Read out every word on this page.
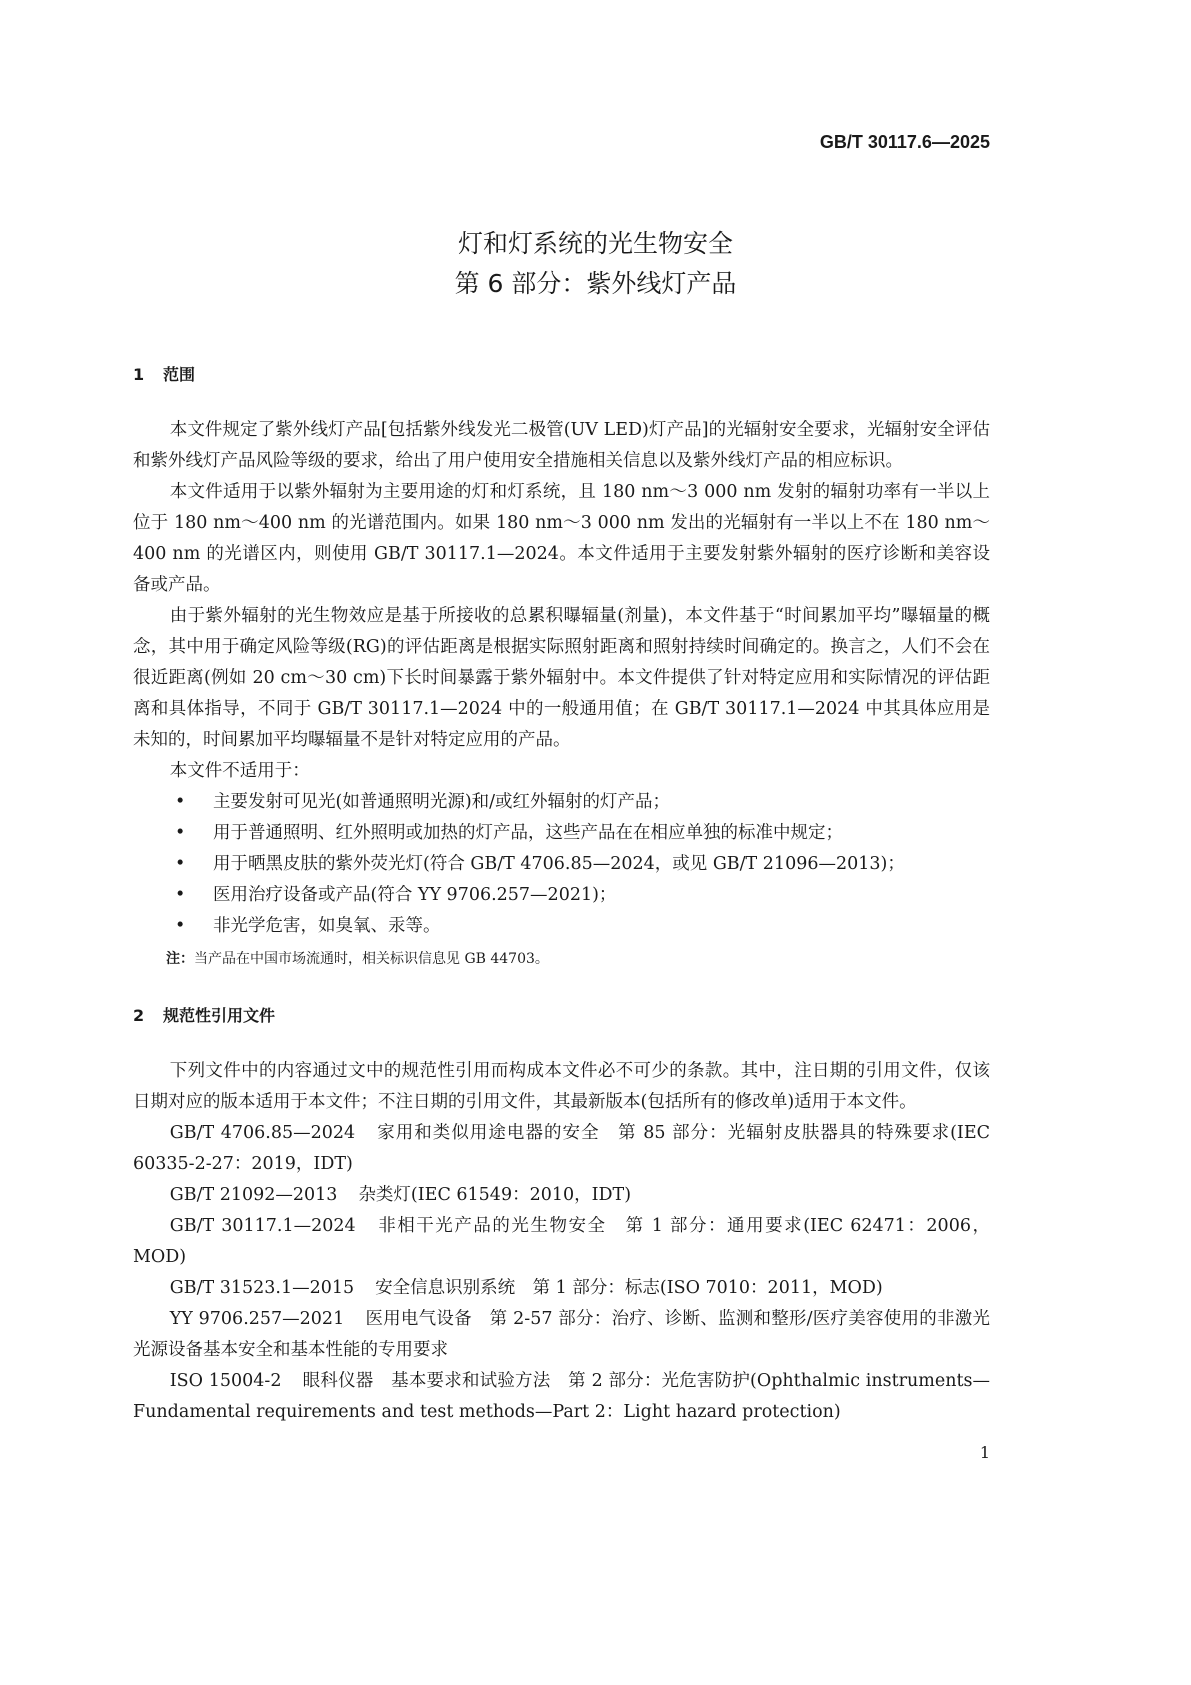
GB/T 30117.6—2025
灯和灯系统的光生物安全
第 6 部分：紫外线灯产品
1 范围

本文件规定了紫外线灯产品[包括紫外线发光二极管(UV LED)灯产品]的光辐射安全要求，光辐射安全评估和紫外线灯产品风险等级的要求，给出了用户使用安全措施相关信息以及紫外线灯产品的相应标识。

本文件适用于以紫外辐射为主要用途的灯和灯系统，且 180 nm～3 000 nm 发射的辐射功率有一半以上位于 180 nm～400 nm 的光谱范围内。如果 180 nm～3 000 nm 发出的光辐射有一半以上不在 180 nm～400 nm 的光谱区内，则使用 GB/T 30117.1—2024。本文件适用于主要发射紫外辐射的医疗诊断和美容设备或产品。

由于紫外辐射的光生物效应是基于所接收的总累积曝辐量(剂量)，本文件基于“时间累加平均”曝辐量的概念，其中用于确定风险等级(RG)的评估距离是根据实际照射距离和照射持续时间确定的。换言之，人们不会在很近距离(例如 20 cm～30 cm)下长时间暴露于紫外辐射中。本文件提供了针对特定应用和实际情况的评估距离和具体指导，不同于 GB/T 30117.1—2024 中的一般通用值；在 GB/T 30117.1—2024 中其具体应用是未知的，时间累加平均曝辐量不是针对特定应用的产品。

本文件不适用于：

• 主要发射可见光(如普通照明光源)和/或红外辐射的灯产品；

• 用于普通照明、红外照明或加热的灯产品，这些产品在在相应单独的标准中规定；

• 用于晒黑皮肤的紫外荧光灯(符合 GB/T 4706.85—2024，或见 GB/T 21096—2013)；

• 医用治疗设备或产品(符合 YY 9706.257—2021)；

• 非光学危害，如臭氧、汞等。

注：当产品在中国市场流通时，相关标识信息见 GB 44703。

2 规范性引用文件

下列文件中的内容通过文中的规范性引用而构成本文件必不可少的条款。其中，注日期的引用文件，仅该日期对应的版本适用于本文件；不注日期的引用文件，其最新版本(包括所有的修改单)适用于本文件。

GB/T 4706.85—2024 家用和类似用途电器的安全　第 85 部分：光辐射皮肤器具的特殊要求(IEC 60335-2-27：2019，IDT)

GB/T 21092—2013 杂类灯(IEC 61549：2010，IDT)

GB/T 30117.1—2024 非相干光产品的光生物安全　第 1 部分：通用要求(IEC 62471：2006，MOD)

GB/T 31523.1—2015 安全信息识别系统　第 1 部分：标志(ISO 7010：2011，MOD)

YY 9706.257—2021 医用电气设备　第 2-57 部分：治疗、诊断、监测和整形/医疗美容使用的非激光光源设备基本安全和基本性能的专用要求

ISO 15004-2 眼科仪器　基本要求和试验方法　第 2 部分：光危害防护(Ophthalmic instruments—Fundamental requirements and test methods—Part 2：Light hazard protection)

1
